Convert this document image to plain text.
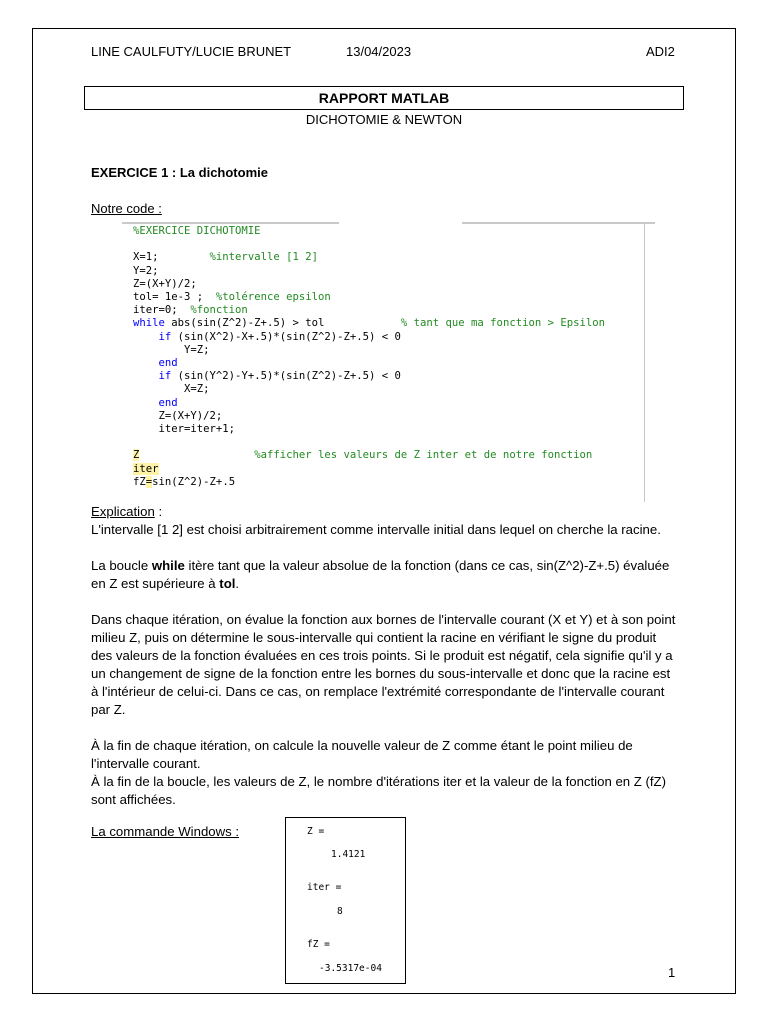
LINE CAULFUTY/LUCIE BRUNET	13/04/2023	ADI2
RAPPORT MATLAB
DICHOTOMIE & NEWTON
EXERCICE 1 : La dichotomie
Notre code :
%EXERCICE DICHOTOMIE

X=1;        %intervalle [1 2]
Y=2;
Z=(X+Y)/2;
tol= 1e-3 ;  %tolérence epsilon
iter=0;  %fonction
while abs(sin(Z^2)-Z+.5) > tol            % tant que ma fonction > Epsilon
if (sin(X^2)-X+.5)*(sin(Z^2)-Z+.5) < 0
Y=Z;
end
if (sin(Y^2)-Y+.5)*(sin(Z^2)-Z+.5) < 0
X=Z;
end
Z=(X+Y)/2;
iter=iter+1;

Z                  %afficher les valeurs de Z inter et de notre fonction
iter
fZ=sin(Z^2)-Z+.5

Explication :

L'intervalle [1 2] est choisi arbitrairement comme intervalle initial dans lequel on cherche la racine.

La boucle while itère tant que la valeur absolue de la fonction (dans ce cas, sin(Z^2)-Z+.5) évaluée en Z est supérieure à tol.

Dans chaque itération, on évalue la fonction aux bornes de l'intervalle courant (X et Y) et à son point milieu Z, puis on détermine le sous-intervalle qui contient la racine en vérifiant le signe du produit des valeurs de la fonction évaluées en ces trois points. Si le produit est négatif, cela signifie qu'il y a un changement de signe de la fonction entre les bornes du sous-intervalle et donc que la racine est à l'intérieur de celui-ci. Dans ce cas, on remplace l'extrémité correspondante de l'intervalle courant par Z.

À la fin de chaque itération, on calcule la nouvelle valeur de Z comme étant le point milieu de l'intervalle courant.

À la fin de la boucle, les valeurs de Z, le nombre d'itérations iter et la valeur de la fonction en Z (fZ) sont affichées.

La commande Windows :	Z =
1.4121
iter =
8
fZ =
-3.5317e-04	1
